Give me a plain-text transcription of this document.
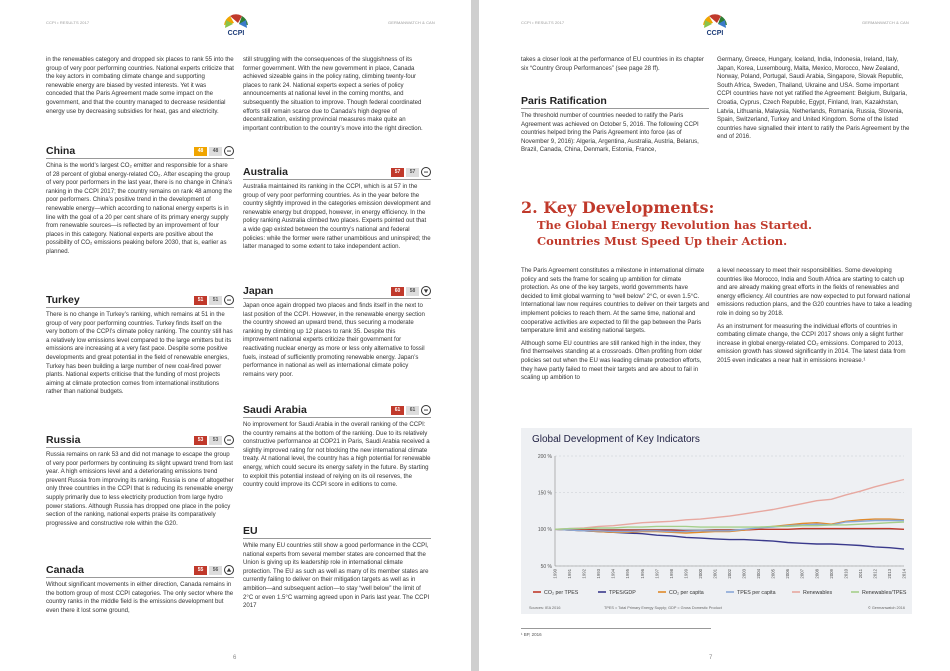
CCPI • RESULTS 2017
CCPI
GERMANWATCH & CAN
in the renewables category and dropped six places to rank 55 into the group of very poor performing countries. National experts criticize that the key actors in combating climate change and supporting renewable energy are biased by vested interests. Yet it was conceded that the Paris Agreement made some impact on the government, and that the country managed to decrease residential energy use by decreasing subsidies for heat, gas and electricity.
China	48	48
China is the world’s largest CO₂ emitter and responsible for a share of 28 percent of global energy-related CO₂. After escaping the group of very poor performers in the last year, there is no change in China’s ranking in the CCPI 2017; the country remains on rank 48 among the poor performers. China’s positive trend in the development of renewable energy—which according to national energy experts is in line with the goal of a 20 per cent share of its primary energy supply from renewable sources—is reflected by an improvement of four places in this category. National experts are positive about the possibility of CO₂ emissions peaking before 2030, that is, earlier as planned.
Turkey	51	51
There is no change in Turkey’s ranking, which remains at 51 in the group of very poor performing countries. Turkey finds itself on the very bottom of the CCPI’s climate policy ranking. The country still has a relatively low emissions level compared to the large emitters but its emissions are increasing at a very fast pace. Despite some positive developments and great potential in the field of renewable energies, Turkey has been building a large number of new coal-fired power plants. National experts criticise that the funding of most projects aiming at climate protection comes from international institutions rather than national budgets.
Russia	53	53
Russia remains on rank 53 and did not manage to escape the group of very poor performers by continuing its slight upward trend from last year. A high emissions level and a deteriorating emissions trend prevent Russia from improving its ranking. Russia is one of altogether only three countries in the CCPI that is reducing its renewable energy supply primarily due to less electricity production from large hydro power stations. Although Russia has dropped one place in the policy section of the ranking, national experts praise its comparatively progressive and constructive role within the G20.
Canada	55	56
Without significant movements in either direction, Canada remains in the bottom group of most CCPI categories. The only sector where the country ranks in the middle field is the emissions development but even there it lost some ground,
still struggling with the consequences of the sluggishness of its former government. With the new government in place, Canada achieved sizeable gains in the policy rating, climbing twenty-four places to rank 24. National experts expect a series of policy announcements at national level in the coming months, and subsequently the situation to improve. Though federal coordinated efforts still remain scarce due to Canada’s high degree of decentralization, existing provincial measures make quite an important contribution to the country’s move into the right direction.
Australia	57	57
Australia maintained its ranking in the CCPI, which is at 57 in the group of very poor performing countries. As in the year before the country slightly improved in the categories emission development and renewable energy but dropped, however, in energy efficiency. In the policy ranking Australia climbed two places. Experts pointed out that a wide gap existed between the country’s national and federal policies: while the former were rather unambitious and uninspired; the latter managed to some extent to take independent action.
Japan	60	58
Japan once again dropped two places and finds itself in the next to last position of the CCPI. However, in the renewable energy section the country showed an upward trend, thus securing a moderate ranking by climbing up 12 places to rank 35. Despite this improvement national experts criticize their government for reactivating nuclear energy as more or less only alternative to fossil fuels, instead of sufficiently promoting renewable energy. Japan’s performance in national as well as international climate policy remains very poor.
Saudi Arabia	61	61
No improvement for Saudi Arabia in the overall ranking of the CCPI: the country remains at the bottom of the ranking. Due to its relatively constructive performance at COP21 in Paris, Saudi Arabia received a slightly improved rating for not blocking the new international climate treaty. At national level, the country has a high potential for renewable energy, which could secure its energy safety in the future. By starting to exploit this potential instead of relying on its oil reserves, the country could improve its CCPI score in editions to come.
EU
While many EU countries still show a good performance in the CCPI, national experts from several member states are concerned that the Union is giving up its leadership role in international climate protection. The EU as such as well as many of its member states are currently failing to deliver on their mitigation targets as well as in ambition—and subsequent action—to stay “well below” the limit of 2°C or even 1.5°C warming agreed upon in Paris last year. The CCPI 2017
6
CCPI • RESULTS 2017
CCPI
GERMANWATCH & CAN
takes a closer look at the performance of EU countries in its chapter six “Country Group Performances” (see page 28 ff).
Paris Ratification
The threshold number of countries needed to ratify the Paris Agreement was achieved on October 5, 2016. The following CCPI countries helped bring the Paris Agreement into force (as of November 9, 2016): Algeria, Argentina, Australia, Austria, Belarus, Brazil, Canada, China, Denmark, Estonia, France,
Germany, Greece, Hungary, Iceland, India, Indonesia, Ireland, Italy, Japan, Korea, Luxembourg, Malta, Mexico, Morocco, New Zealand, Norway, Poland, Portugal, Saudi Arabia, Singapore, Slovak Republic, South Africa, Sweden, Thailand, Ukraine and USA. Some important CCPI countries have not yet ratified the Agreement: Belgium, Bulgaria, Croatia, Cyprus, Czech Republic, Egypt, Finland, Iran, Kazakhstan, Latvia, Lithuania, Malaysia, Netherlands, Romania, Russia, Slovenia, Spain, Switzerland, Turkey and United Kingdom. Some of the listed countries have signalled their intent to ratify the Paris Agreement by the end of 2016.
2. Key Developments:
The Global Energy Revolution has Started.
Countries Must Speed Up their Action.

The Paris Agreement constitutes a milestone in international climate policy and sets the frame for scaling up ambition for climate protection. As one of the key targets, world governments have decided to limit global warming to “well below” 2°C, or even 1.5°C. International law now requires countries to deliver on their targets and implement policies to reach them. At the same time, national and cooperative activities are expected to fill the gap between the Paris temperature limit and existing national targets.

Although some EU countries are still ranked high in the index, they find themselves standing at a crossroads. Often profiting from older policies set out when the EU was leading climate protection efforts, they have partly failed to meet their targets and are about to fail in scaling up ambition to

a level necessary to meet their responsibilities. Some developing countries like Morocco, India and South Africa are starting to catch up and are already making great efforts in the fields of renewables and energy efficiency. All countries are now expected to put forward national emissions reduction plans, and the G20 countries have to take a leading role in doing so by 2018.

As an instrument for measuring the individual efforts of countries in combating climate change, the CCPI 2017 shows only a slight further increase in global energy-related CO₂ emissions. Compared to 2013, emission growth has slowed significantly in 2014. The latest data from 2015 even indicates a near halt in emissions increase.¹

Global Development of Key Indicators
50 %
100 %
150 %
200 %
1990 1991 1992 1993 1994 1995 1996 1997 1998 1999 2000 2001 2002 2003 2004 2005 2006 2007 2008 2009 2010 2011 2012 2013 2014
CO₂ per TPES	TPES/GDP	CO₂ per capita	TPES per capita	Renewables	Renewables/TPES
Sources: IEA 2016	TPES = Total Primary Energy Supply; GDP = Gross Domestic Product	© Germanwatch 2016
¹ BP, 2016
7
